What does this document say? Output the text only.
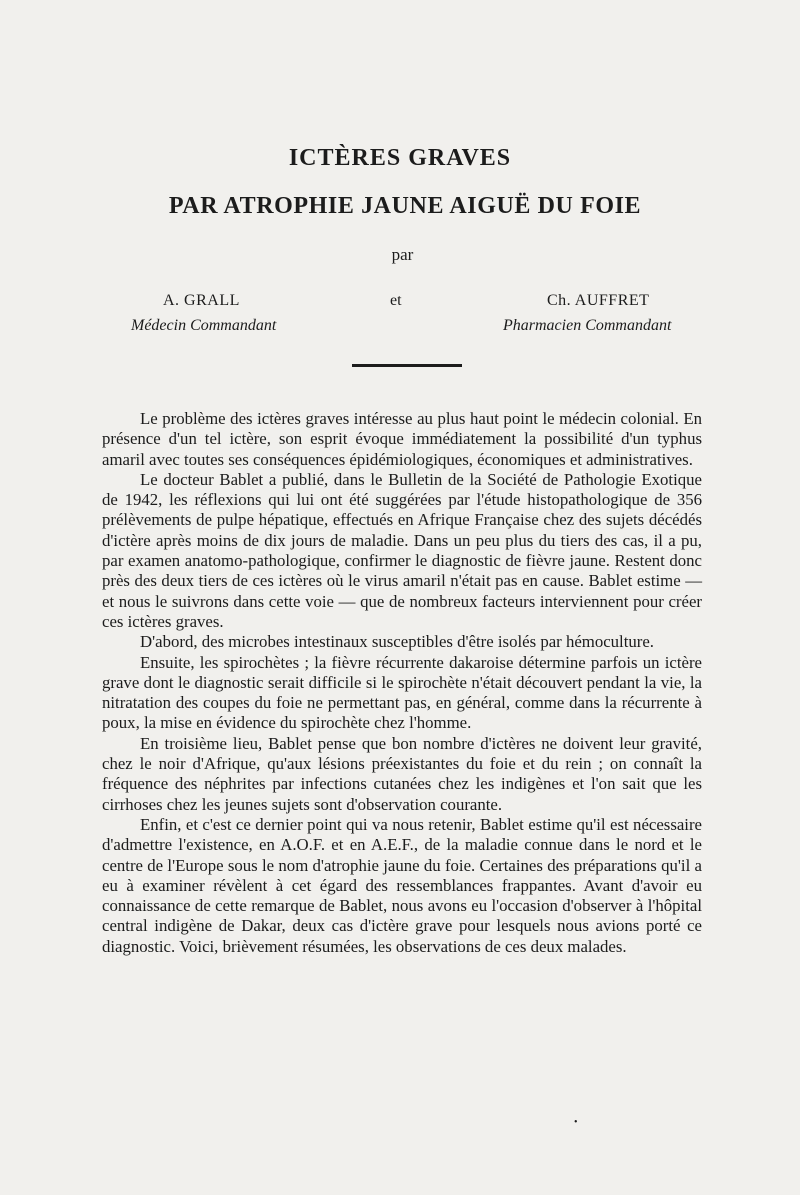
ICTÈRES GRAVES
PAR ATROPHIE JAUNE AIGUË DU FOIE
par
A. GRALL	et	Ch. AUFFRET
Médecin Commandant	Pharmacien Commandant

Le problème des ictères graves intéresse au plus haut point le médecin colonial. En présence d'un tel ictère, son esprit évoque immédiatement la possibilité d'un typhus amaril avec toutes ses conséquences épidémiologiques, économiques et administratives.

Le docteur Bablet a publié, dans le Bulletin de la Société de Pathologie Exotique de 1942, les réflexions qui lui ont été suggérées par l'étude histopathologique de 356 prélèvements de pulpe hépatique, effectués en Afrique Française chez des sujets décédés d'ictère après moins de dix jours de maladie. Dans un peu plus du tiers des cas, il a pu, par examen anatomo-pathologique, confirmer le diagnostic de fièvre jaune. Restent donc près des deux tiers de ces ictères où le virus amaril n'était pas en cause. Bablet estime — et nous le suivrons dans cette voie — que de nombreux facteurs interviennent pour créer ces ictères graves.

D'abord, des microbes intestinaux susceptibles d'être isolés par hémoculture.

Ensuite, les spirochètes ; la fièvre récurrente dakaroise détermine parfois un ictère grave dont le diagnostic serait difficile si le spirochète n'était découvert pendant la vie, la nitratation des coupes du foie ne permettant pas, en général, comme dans la récurrente à poux, la mise en évidence du spirochète chez l'homme.

En troisième lieu, Bablet pense que bon nombre d'ictères ne doivent leur gravité, chez le noir d'Afrique, qu'aux lésions préexistantes du foie et du rein ; on connaît la fréquence des néphrites par infections cutanées chez les indigènes et l'on sait que les cirrhoses chez les jeunes sujets sont d'observation courante.

Enfin, et c'est ce dernier point qui va nous retenir, Bablet estime qu'il est nécessaire d'admettre l'existence, en A.O.F. et en A.E.F., de la maladie connue dans le nord et le centre de l'Europe sous le nom d'atrophie jaune du foie. Certaines des préparations qu'il a eu à examiner révèlent à cet égard des ressemblances frappantes. Avant d'avoir eu connaissance de cette remarque de Bablet, nous avons eu l'occasion d'observer à l'hôpital central indigène de Dakar, deux cas d'ictère grave pour lesquels nous avions porté ce diagnostic. Voici, brièvement résumées, les observations de ces deux malades.

•
